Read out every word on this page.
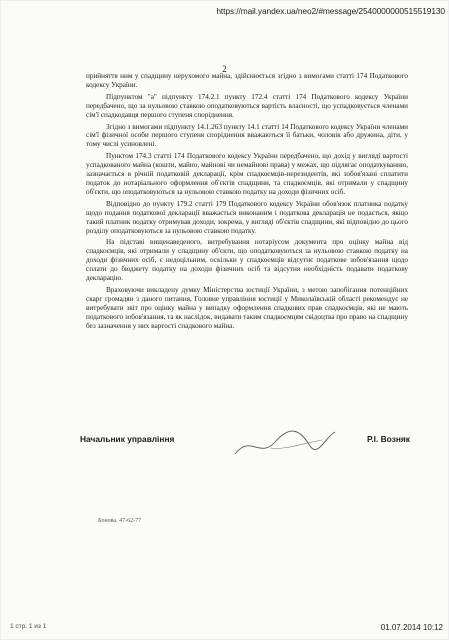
https://mail.yandex.ua/neo2/#message/2540000000515519130
2

прийняття ним у спадщину нерухомого майна, здійснюється згідно з вимогами статті 174 Податкового кодексу України.

Підпунктом "а" підпункту 174.2.1 пункту 172.4 статті 174 Податкового кодексу України передбачено, що за нульовою ставкою оподатковуються вартість власності, що успадковується членами сім'ї спадкодавця першого ступеня споріднення.

Згідно з вимогами підпункту 14.1.263 пункту 14.1 статті 14 Податкового кодексу України членами сім'ї фізичної особи першого ступеня споріднення вважаються її батьки, чоловік або дружина, діти, у тому числі усиновлені.

Пунктом 174.3 статті 174 Податкового кодексу України передбачено, що дохід у вигляді вартості успадкованого майна (кошти, майно, майнові чи немайнові права) у межах, що підлягає оподаткуванню, зазначається в річній податковій декларації, крім спадкоємців-нерезидентів, які зобов'язані сплатити податок до нотаріального оформлення об'єктів спадщини, та спадкоємців, які отримали у спадщину об'єкти, що оподатковуються за нульовою ставкою податку на доходи фізичних осіб.

Відповідно до пункту 179.2 статті 179 Податкового кодексу України обов'язок платника податку щодо подання податкової декларації вважається виконаним і податкова декларація не подається, якщо такий платник податку отримував доходи, зокрема, у вигляді об'єктів спадщини, які відповідно до цього розділу оподатковуються за нульовою ставкою податку.

На підставі вищенаведеного, витребування нотаріусом документа про оцінку майна від спадкоємців, які отримали у спадщину об'єкти, що оподатковуються за нульовою ставкою податку на доходи фізичних осіб, є недоцільним, оскільки у спадкоємців відсутнє податкове зобов'язання щодо сплати до бюджету податку на доходи фізичних осіб та відсутня необхідність подавати податкову декларацію.

Враховуючи викладену думку Міністерства юстиції України, з метою запобігання потенційних скарг громадян з даного питання, Головне управління юстиції у Миколаївській області рекомендує не витребувати звіт про оцінку майна у випадку оформлення спадкових прав спадкоємців, які не мають податкового зобов'язання, та як наслідок, видавати таким спадкоємцям свідоцтва про право на спадщину без зазначення у них вартості спадкового майна.

Начальник управління	Р.І. Возняк
Бонова. 47-62-77
1 стр. 1 из 1	01.07.2014 10:12
